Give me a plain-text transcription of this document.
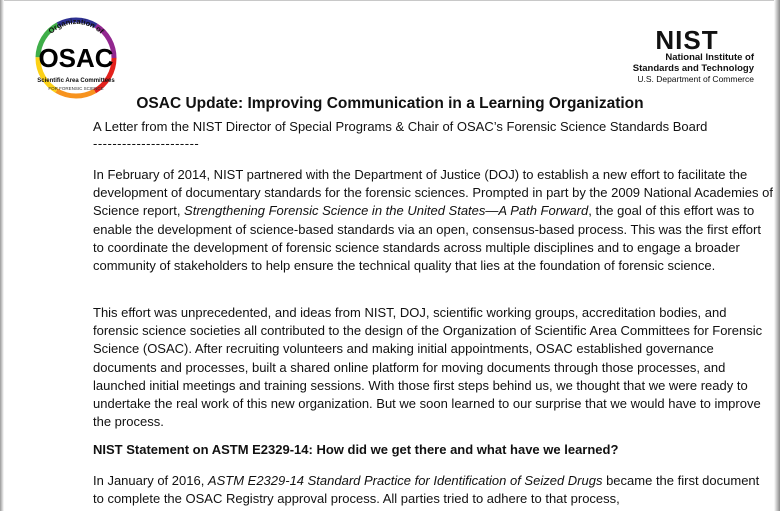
Organization of
OSAC
Scientific Area Committees
FOR FORENSIC SCIENCE
NIST
National Institute of
Standards and Technology
U.S. Department of Commerce
OSAC Update: Improving Communication in a Learning Organization
A Letter from the NIST Director of Special Programs & Chair of OSAC’s Forensic Science Standards Board
----------------------

In February of 2014, NIST partnered with the Department of Justice (DOJ) to establish a new effort to facilitate the development of documentary standards for the forensic sciences. Prompted in part by the 2009 National Academies of Science report, Strengthening Forensic Science in the United States—A Path Forward, the goal of this effort was to enable the development of science-based standards via an open, consensus-based process. This was the first effort to coordinate the development of forensic science standards across multiple disciplines and to engage a broader community of stakeholders to help ensure the technical quality that lies at the foundation of forensic science.

This effort was unprecedented, and ideas from NIST, DOJ, scientific working groups, accreditation bodies, and forensic science societies all contributed to the design of the Organization of Scientific Area Committees for Forensic Science (OSAC). After recruiting volunteers and making initial appointments, OSAC established governance documents and processes, built a shared online platform for moving documents through those processes, and launched initial meetings and training sessions. With those first steps behind us, we thought that we were ready to undertake the real work of this new organization. But we soon learned to our surprise that we would have to improve the process.

NIST Statement on ASTM E2329-14: How did we get there and what have we learned?

In January of 2016, ASTM E2329-14 Standard Practice for Identification of Seized Drugs became the first document to complete the OSAC Registry approval process. All parties tried to adhere to that process,
